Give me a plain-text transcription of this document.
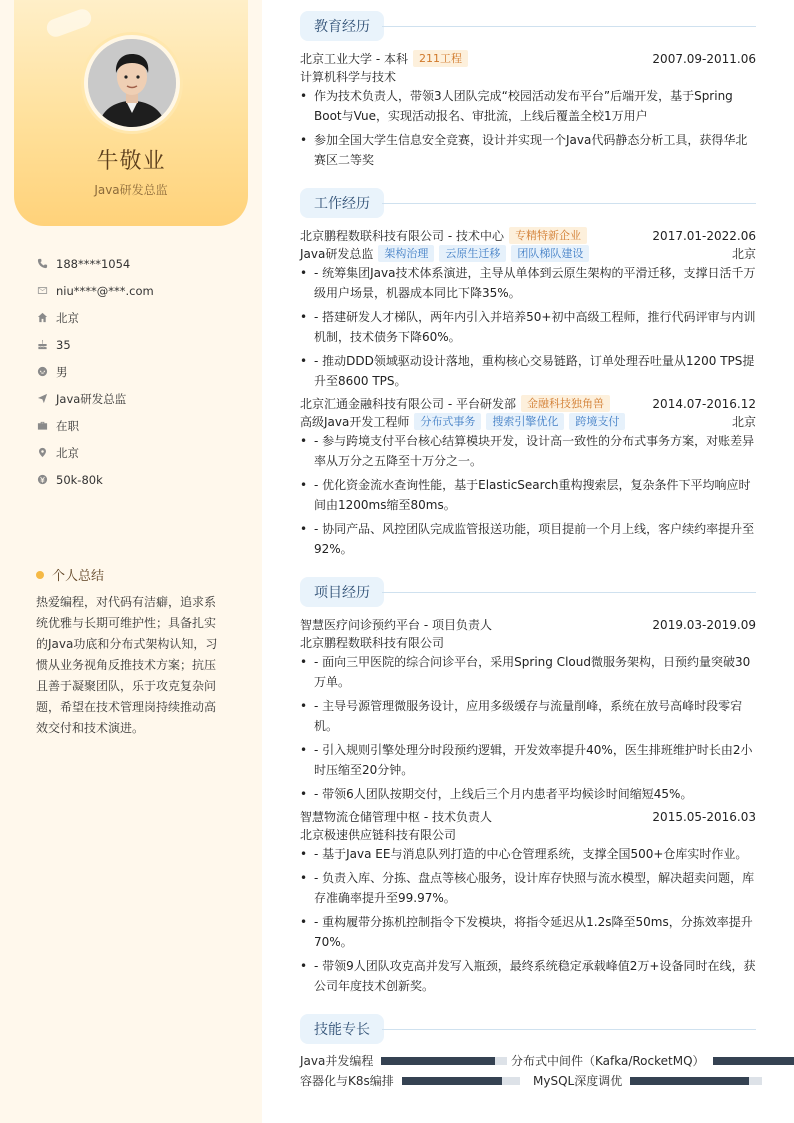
牛敬业
Java研发总监
188****1054
niu****@***.com
北京
35
男
Java研发总监
在职
北京
50k-80k
个人总结
热爱编程，对代码有洁癖，追求系统优雅与长期可维护性；具备扎实的Java功底和分布式架构认知，习惯从业务视角反推技术方案；抗压且善于凝聚团队，乐于攻克复杂问题，希望在技术管理岗持续推动高效交付和技术演进。
教育经历
北京工业大学 - 本科	211工程	2007.09-2011.06
计算机科学与技术
• 作为技术负责人，带领3人团队完成“校园活动发布平台”后端开发，基于Spring Boot与Vue，实现活动报名、审批流，上线后覆盖全校1万用户
• 参加全国大学生信息安全竞赛，设计并实现一个Java代码静态分析工具，获得华北赛区二等奖
工作经历
北京鹏程数联科技有限公司 - 技术中心	专精特新企业	2017.01-2022.06
Java研发总监	架构治理	云原生迁移	团队梯队建设	北京
• - 统筹集团Java技术体系演进，主导从单体到云原生架构的平滑迁移，支撑日活千万级用户场景，机器成本同比下降35%。
• - 搭建研发人才梯队，两年内引入并培养50+初中高级工程师，推行代码评审与内训机制，技术债务下降60%。
• - 推动DDD领域驱动设计落地，重构核心交易链路，订单处理吞吐量从1200 TPS提升至8600 TPS。
北京汇通金融科技有限公司 - 平台研发部	金融科技独角兽	2014.07-2016.12
高级Java开发工程师	分布式事务	搜索引擎优化	跨境支付	北京
• - 参与跨境支付平台核心结算模块开发，设计高一致性的分布式事务方案，对账差异率从万分之五降至十万分之一。
• - 优化资金流水查询性能，基于ElasticSearch重构搜索层，复杂条件下平均响应时间由1200ms缩至80ms。
• - 协同产品、风控团队完成监管报送功能，项目提前一个月上线，客户续约率提升至92%。
项目经历
智慧医疗问诊预约平台 - 项目负责人	2019.03-2019.09
北京鹏程数联科技有限公司
• - 面向三甲医院的综合问诊平台，采用Spring Cloud微服务架构，日预约量突破30万单。
• - 主导号源管理微服务设计，应用多级缓存与流量削峰，系统在放号高峰时段零宕机。
• - 引入规则引擎处理分时段预约逻辑，开发效率提升40%，医生排班维护时长由2小时压缩至20分钟。
• - 带领6人团队按期交付，上线后三个月内患者平均候诊时间缩短45%。
智慧物流仓储管理中枢 - 技术负责人	2015.05-2016.03
北京极速供应链科技有限公司
• - 基于Java EE与消息队列打造的中心仓管理系统，支撑全国500+仓库实时作业。
• - 负责入库、分拣、盘点等核心服务，设计库存快照与流水模型，解决超卖问题，库存准确率提升至99.97%。
• - 重构履带分拣机控制指令下发模块，将指令延迟从1.2s降至50ms，分拣效率提升70%。
• - 带领9人团队攻克高并发写入瓶颈，最终系统稳定承载峰值2万+设备同时在线，获公司年度技术创新奖。
技能专长
Java并发编程	分布式中间件（Kafka/RocketMQ）
容器化与K8s编排	MySQL深度调优
